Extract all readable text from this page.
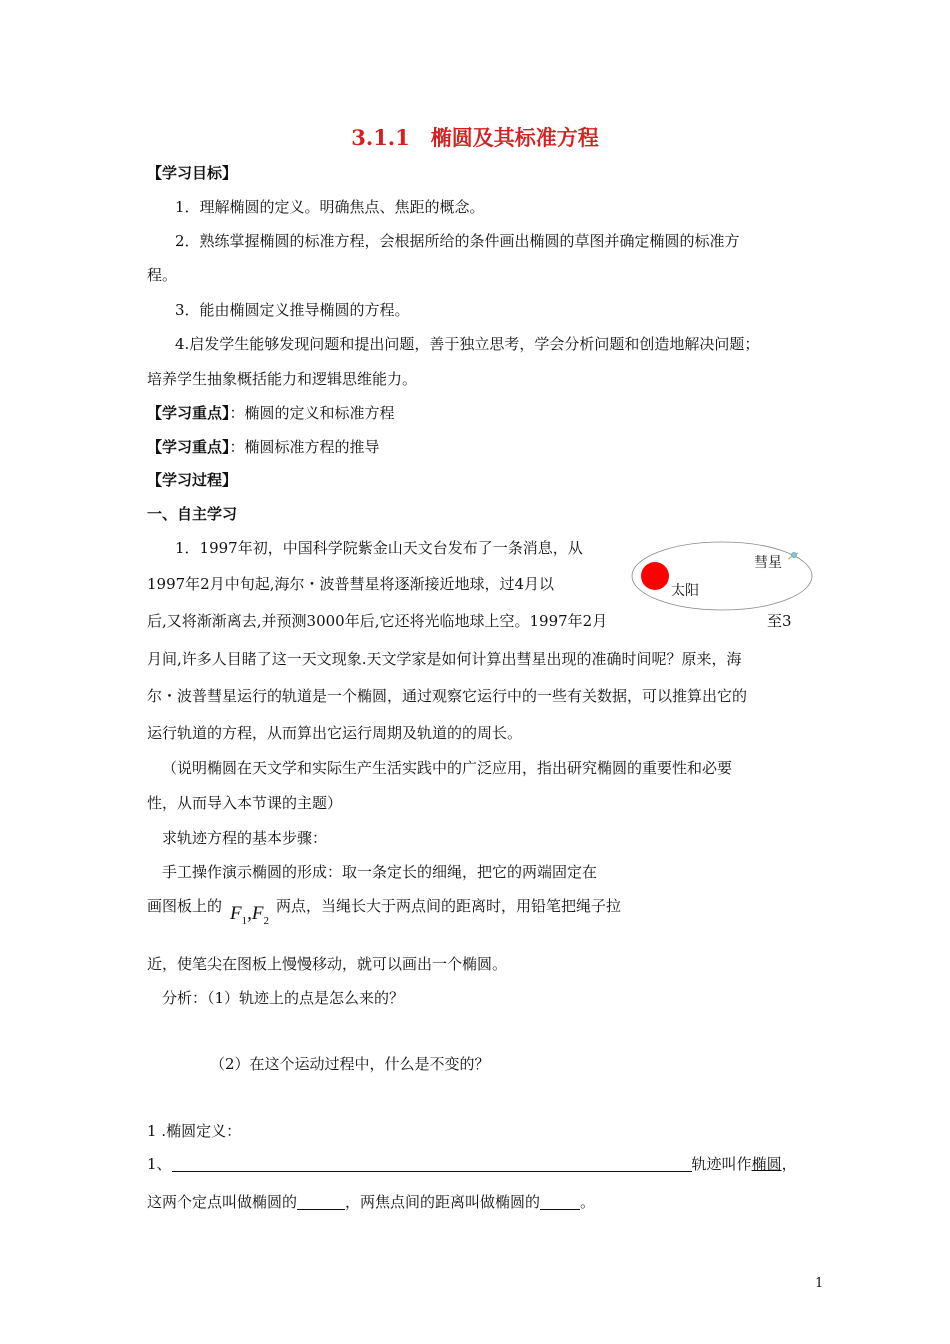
3.1.1　椭圆及其标准方程
【学习目标】
1．理解椭圆的定义。明确焦点、焦距的概念。
2．熟练掌握椭圆的标准方程，会根据所给的条件画出椭圆的草图并确定椭圆的标准方
程。
3．能由椭圆定义推导椭圆的方程。
4.启发学生能够发现问题和提出问题，善于独立思考，学会分析问题和创造地解决问题；
培养学生抽象概括能力和逻辑思维能力。
【学习重点】：椭圆的定义和标准方程
【学习重点】：椭圆标准方程的推导
【学习过程】
一、自主学习
1．1997年初，中国科学院紫金山天文台发布了一条消息，从
1997年2月中旬起,海尔・波普彗星将逐渐接近地球，过4月以
后,又将渐渐离去,并预测3000年后,它还将光临地球上空。1997年2月	至3
月间,许多人目睹了这一天文现象.天文学家是如何计算出彗星出现的准确时间呢？原来，海
尔・波普彗星运行的轨道是一个椭圆，通过观察它运行中的一些有关数据，可以推算出它的
运行轨道的方程，从而算出它运行周期及轨道的的周长。
（说明椭圆在天文学和实际生产生活实践中的广泛应用，指出研究椭圆的重要性和必要
性，从而导入本节课的主题）
求轨迹方程的基本步骤：
手工操作演示椭圆的形成：取一条定长的细绳，把它的两端固定在
画图板上的 $F_1,F_2$
两点，当绳长大于两点间的距离时，用铅笔把绳子拉
近，使笔尖在图板上慢慢移动，就可以画出一个椭圆。
分析：（1）轨迹上的点是怎么来的？
（2）在这个运动过程中，什么是不变的？
1 .椭圆定义：
1、	轨迹叫作椭圆，
这两个定点叫做椭圆的	，两焦点间的距离叫做椭圆的	。
太阳
彗星
1
